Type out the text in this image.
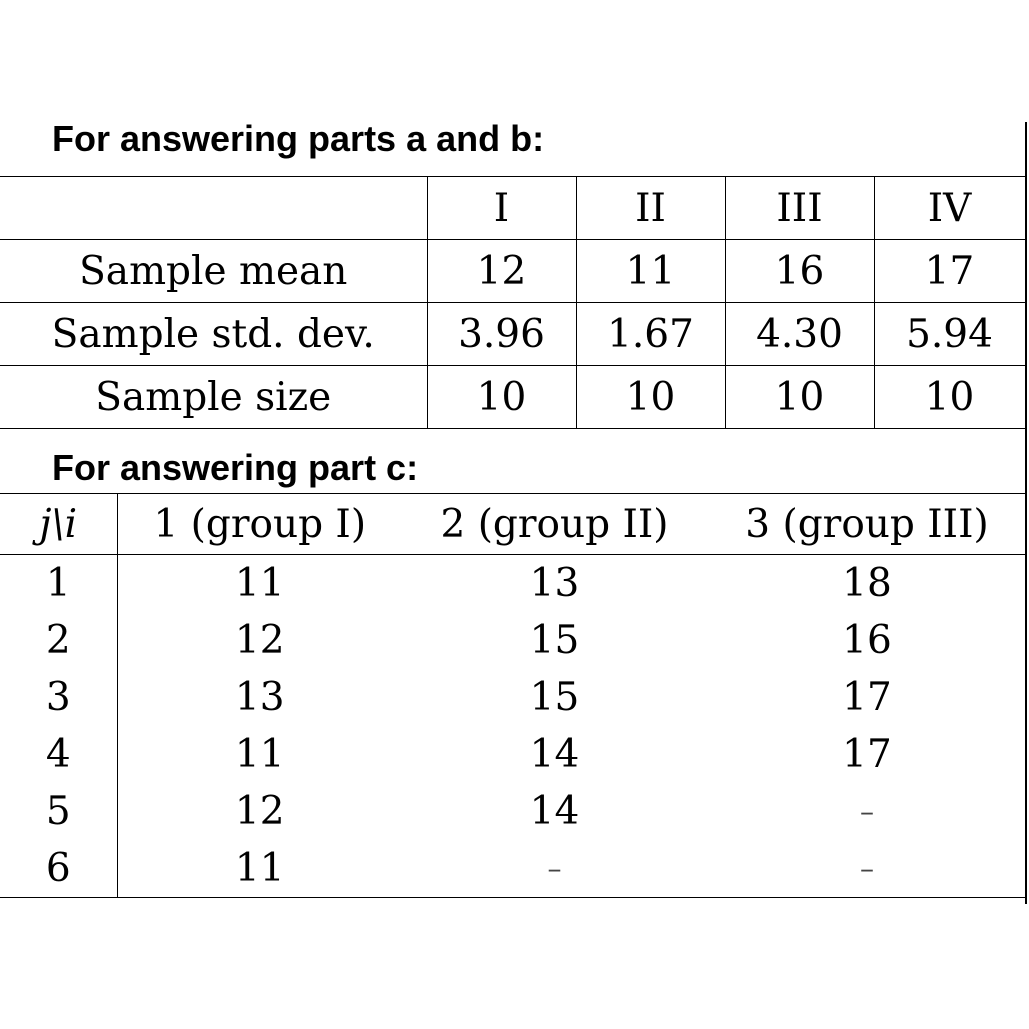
For answering parts a and b:
	I	II	III	IV
Sample mean	12	11	16	17
Sample std. dev.	3.96	1.67	4.30	5.94
Sample size	10	10	10	10
For answering part c:
j\i	1 (group I)	2 (group II)	3 (group III)
1	11	13	18
2	12	15	16
3	13	15	17
4	11	14	17
5	12	14	–
6	11	–	–
